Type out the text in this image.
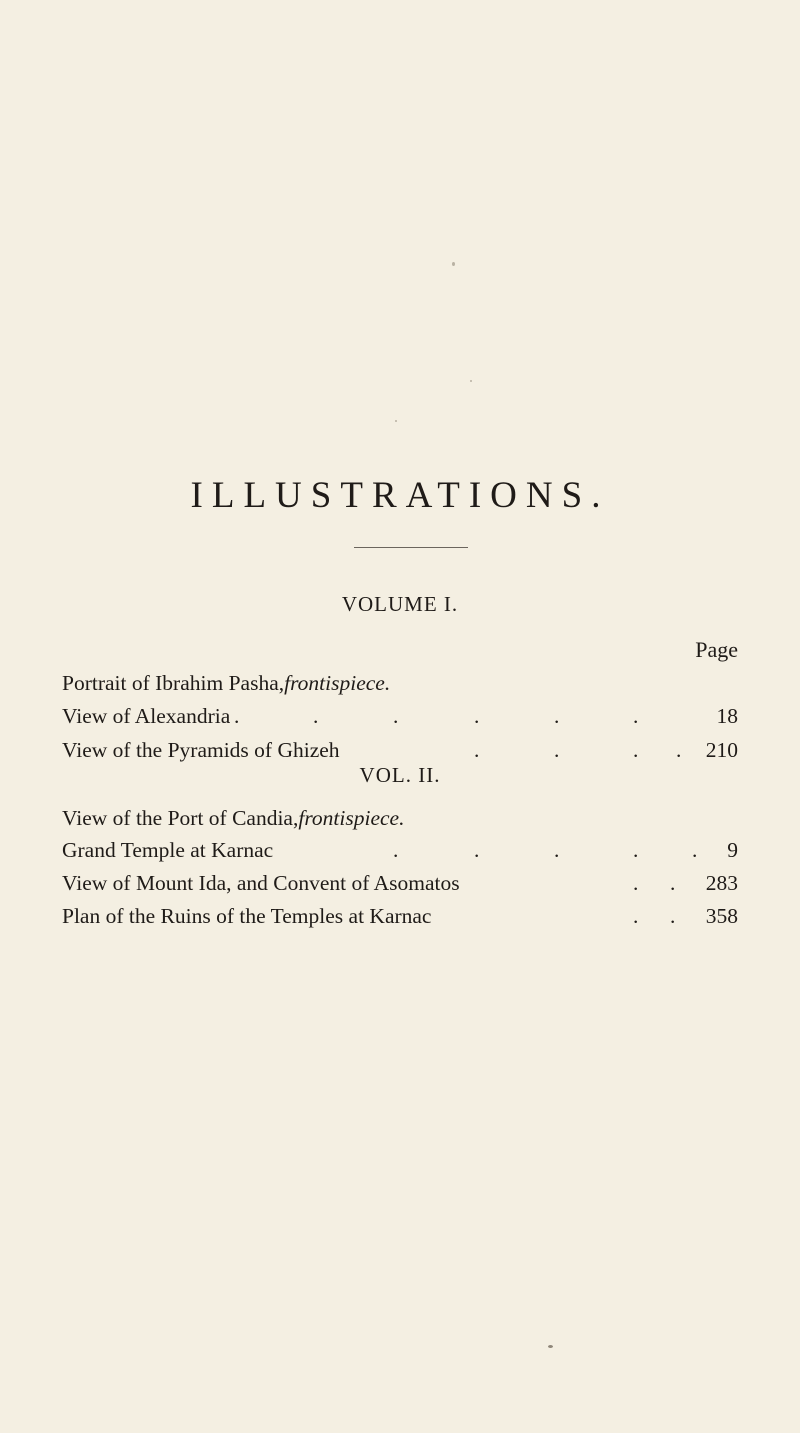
ILLUSTRATIONS.
VOLUME I.
Page
Portrait of Ibrahim Pasha,frontispiece.
View of Alexandria .	.	.	.	.	.	18
View of the Pyramids of Ghizeh	.	.	. . 210
VOL. II.
View of the Port of Candia,frontispiece.
Grand Temple at Karnac	.	.	.	. . 9
View of Mount Ida, and Convent of Asomatos	. . 283
Plan of the Ruins of the Temples at Karnac	. . 358
